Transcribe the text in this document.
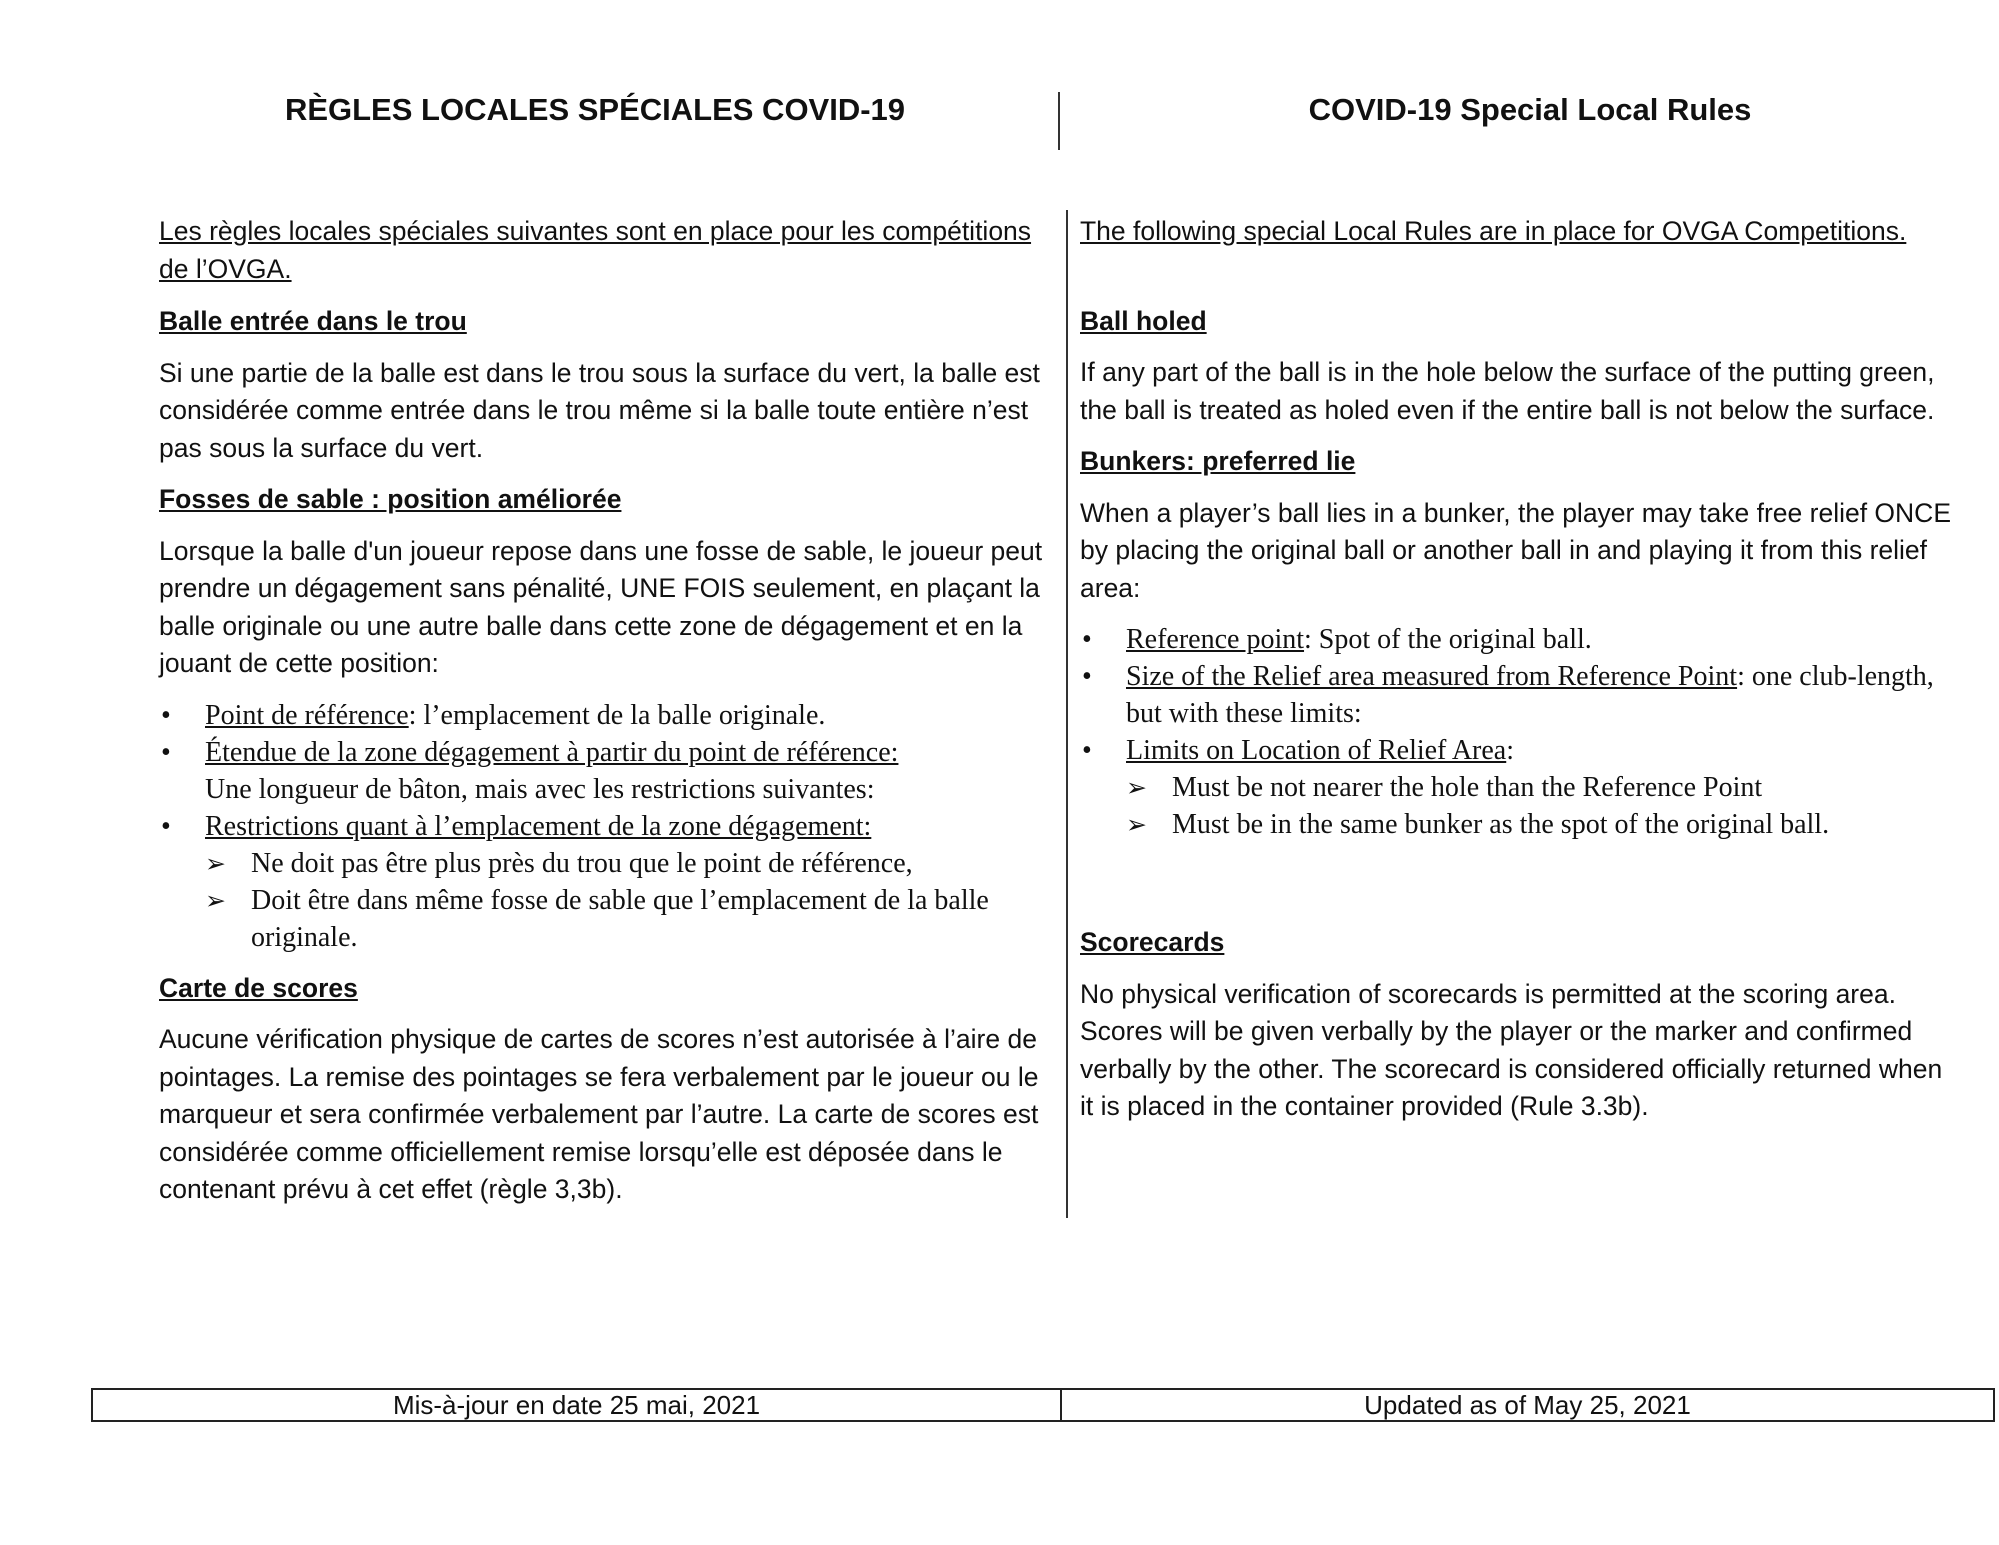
RÈGLES LOCALES SPÉCIALES COVID-19	COVID-19 Special Local Rules

Les règles locales spéciales suivantes sont en place pour les compétitions de l’OVGA.

Balle entrée dans le trou

Si une partie de la balle est dans le trou sous la surface du vert, la balle est considérée comme entrée dans le trou même si la balle toute entière n’est pas sous la surface du vert.

Fosses de sable : position améliorée

Lorsque la balle d'un joueur repose dans une fosse de sable, le joueur peut prendre un dégagement sans pénalité, UNE FOIS seulement, en plaçant la balle originale ou une autre balle dans cette zone de dégagement et en la jouant de cette position:

• Point de référence: l’emplacement de la balle originale.
• Étendue de la zone dégagement à partir du point de référence:
Une longueur de bâton, mais avec les restrictions suivantes:
• Restrictions quant à l’emplacement de la zone dégagement:
➢ Ne doit pas être plus près du trou que le point de référence,
➢ Doit être dans même fosse de sable que l’emplacement de la balle originale.

Carte de scores

Aucune vérification physique de cartes de scores n’est autorisée à l’aire de pointages. La remise des pointages se fera verbalement par le joueur ou le marqueur et sera confirmée verbalement par l’autre. La carte de scores est considérée comme officiellement remise lorsqu’elle est déposée dans le contenant prévu à cet effet (règle 3,3b).

The following special Local Rules are in place for OVGA Competitions.

Ball holed

If any part of the ball is in the hole below the surface of the putting green, the ball is treated as holed even if the entire ball is not below the surface.

Bunkers: preferred lie

When a player’s ball lies in a bunker, the player may take free relief ONCE by placing the original ball or another ball in and playing it from this relief area:

• Reference point: Spot of the original ball.
• Size of the Relief area measured from Reference Point: one club-length, but with these limits:
• Limits on Location of Relief Area:
➢ Must be not nearer the hole than the Reference Point
➢ Must be in the same bunker as the spot of the original ball.

Scorecards

No physical verification of scorecards is permitted at the scoring area. Scores will be given verbally by the player or the marker and confirmed verbally by the other. The scorecard is considered officially returned when it is placed in the container provided (Rule 3.3b).

Mis-à-jour en date 25 mai, 2021	Updated as of May 25, 2021
